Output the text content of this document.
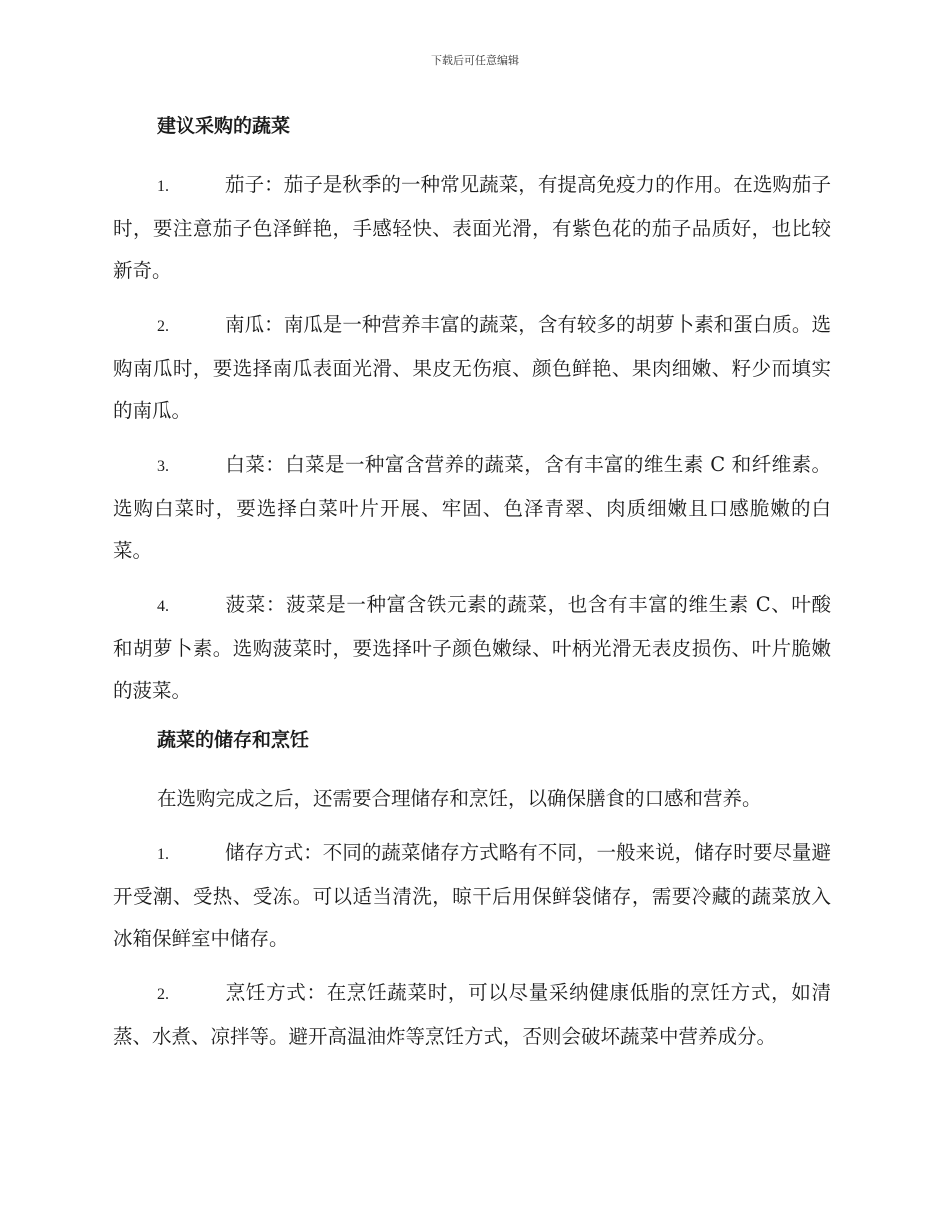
下载后可任意编辑
建议采购的蔬菜

1.	茄子：茄子是秋季的一种常见蔬菜，有提高免疫力的作用。在选购茄子时，要注意茄子色泽鲜艳，手感轻快、表面光滑，有紫色花的茄子品质好，也比较新奇。

2.	南瓜：南瓜是一种营养丰富的蔬菜，含有较多的胡萝卜素和蛋白质。选购南瓜时，要选择南瓜表面光滑、果皮无伤痕、颜色鲜艳、果肉细嫩、籽少而填实的南瓜。

3.	白菜：白菜是一种富含营养的蔬菜，含有丰富的维生素 C 和纤维素。选购白菜时，要选择白菜叶片开展、牢固、色泽青翠、肉质细嫩且口感脆嫩的白菜。

4.	菠菜：菠菜是一种富含铁元素的蔬菜，也含有丰富的维生素 C、叶酸和胡萝卜素。选购菠菜时，要选择叶子颜色嫩绿、叶柄光滑无表皮损伤、叶片脆嫩的菠菜。

蔬菜的储存和烹饪

在选购完成之后，还需要合理储存和烹饪，以确保膳食的口感和营养。

1.	储存方式：不同的蔬菜储存方式略有不同，一般来说，储存时要尽量避开受潮、受热、受冻。可以适当清洗，晾干后用保鲜袋储存，需要冷藏的蔬菜放入冰箱保鲜室中储存。

2.	烹饪方式：在烹饪蔬菜时，可以尽量采纳健康低脂的烹饪方式，如清蒸、水煮、凉拌等。避开高温油炸等烹饪方式，否则会破坏蔬菜中营养成分。
